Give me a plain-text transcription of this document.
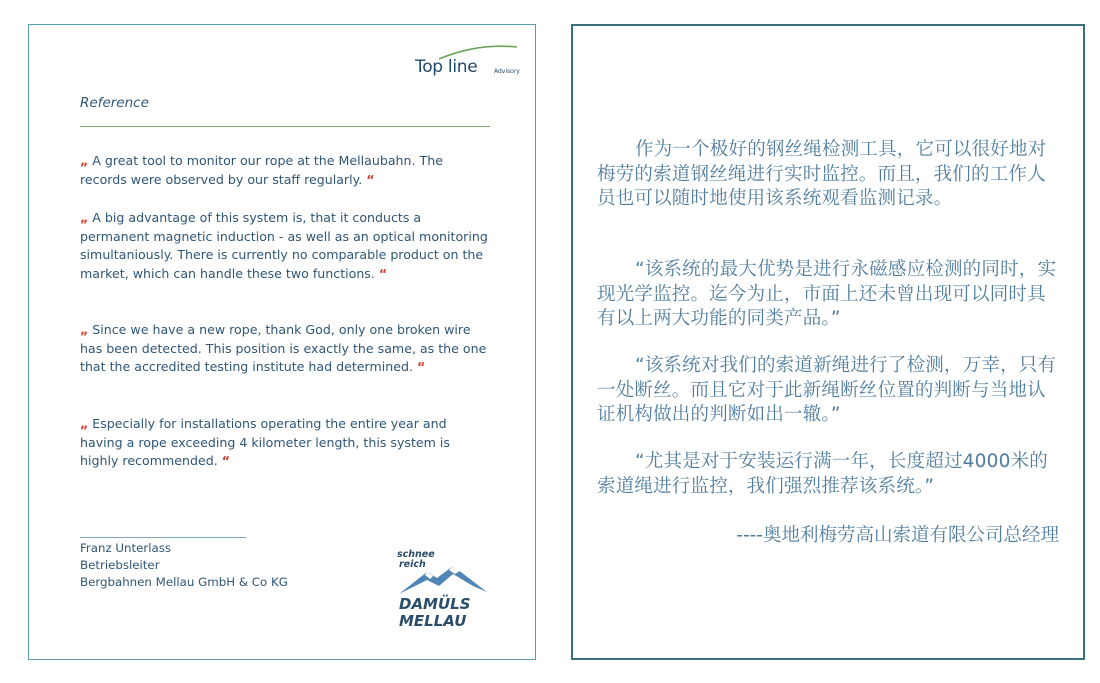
Top line	Advisory
Reference

„ A great tool to monitor our rope at the Mellaubahn. The records were observed by our staff regularly. “

„ A big advantage of this system is, that it conducts a permanent magnetic induction - as well as an optical monitoring simultaniously. There is currently no comparable product on the market, which can handle these two functions. “

„ Since we have a new rope, thank God, only one broken wire has been detected. This position is exactly the same, as the one that the accredited testing institute had determined. “

„ Especially for installations operating the entire year and having a rope exceeding 4 kilometer length, this system is highly recommended. “

Franz Unterlass
Betriebsleiter
Bergbahnen Mellau GmbH & Co KG
schnee
reich
DAMÜLS
MELLAU

作为一个极好的钢丝绳检测工具，它可以很好地对梅劳的索道钢丝绳进行实时监控。而且，我们的工作人员也可以随时地使用该系统观看监测记录。

“该系统的最大优势是进行永磁感应检测的同时，实现光学监控。迄今为止，市面上还未曾出现可以同时具有以上两大功能的同类产品。”

“该系统对我们的索道新绳进行了检测，万幸，只有一处断丝。而且它对于此新绳断丝位置的判断与当地认证机构做出的判断如出一辙。”

“尤其是对于安装运行满一年，长度超过4000米的索道绳进行监控，我们强烈推荐该系统。”

----奥地利梅劳高山索道有限公司总经理
